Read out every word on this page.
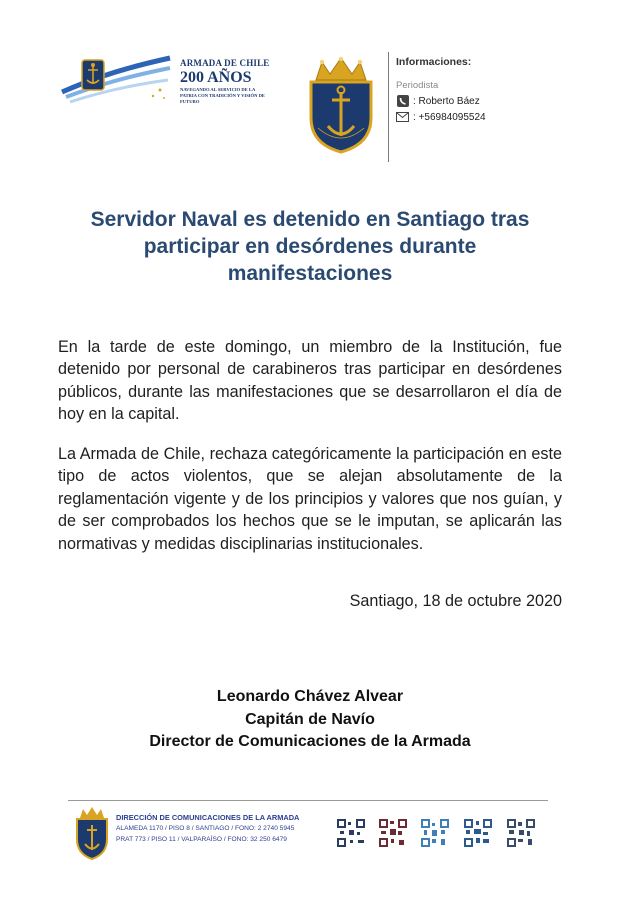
ARMADA DE CHILE
200 AÑOS
NAVEGANDO AL SERVICIO DE LA PATRIA CON TRADICIÓN Y VISIÓN DE FUTURO
Informaciones:
Periodista
: Roberto Báez
: +56984095524
Servidor Naval es detenido en Santiago tras participar en desórdenes durante manifestaciones
En la tarde de este domingo, un miembro de la Institución, fue detenido por personal de carabineros tras participar en desórdenes públicos, durante las manifestaciones que se desarrollaron el día de hoy en la capital.
La Armada de Chile, rechaza categóricamente la participación en este tipo de actos violentos, que se alejan absolutamente de la reglamentación vigente y de los principios y valores que nos guían, y de ser comprobados los hechos que se le imputan, se aplicarán las normativas y medidas disciplinarias institucionales.
Santiago, 18 de octubre 2020
Leonardo Chávez Alvear
Capitán de Navío
Director de Comunicaciones de la Armada
DIRECCIÓN DE COMUNICACIONES DE LA ARMADA
ALAMEDA 1170 / PISO 8 / SANTIAGO / FONO: 2 2740 5945
PRAT 773 / PISO 11 / VALPARAÍSO / FONO: 32 250 6479
